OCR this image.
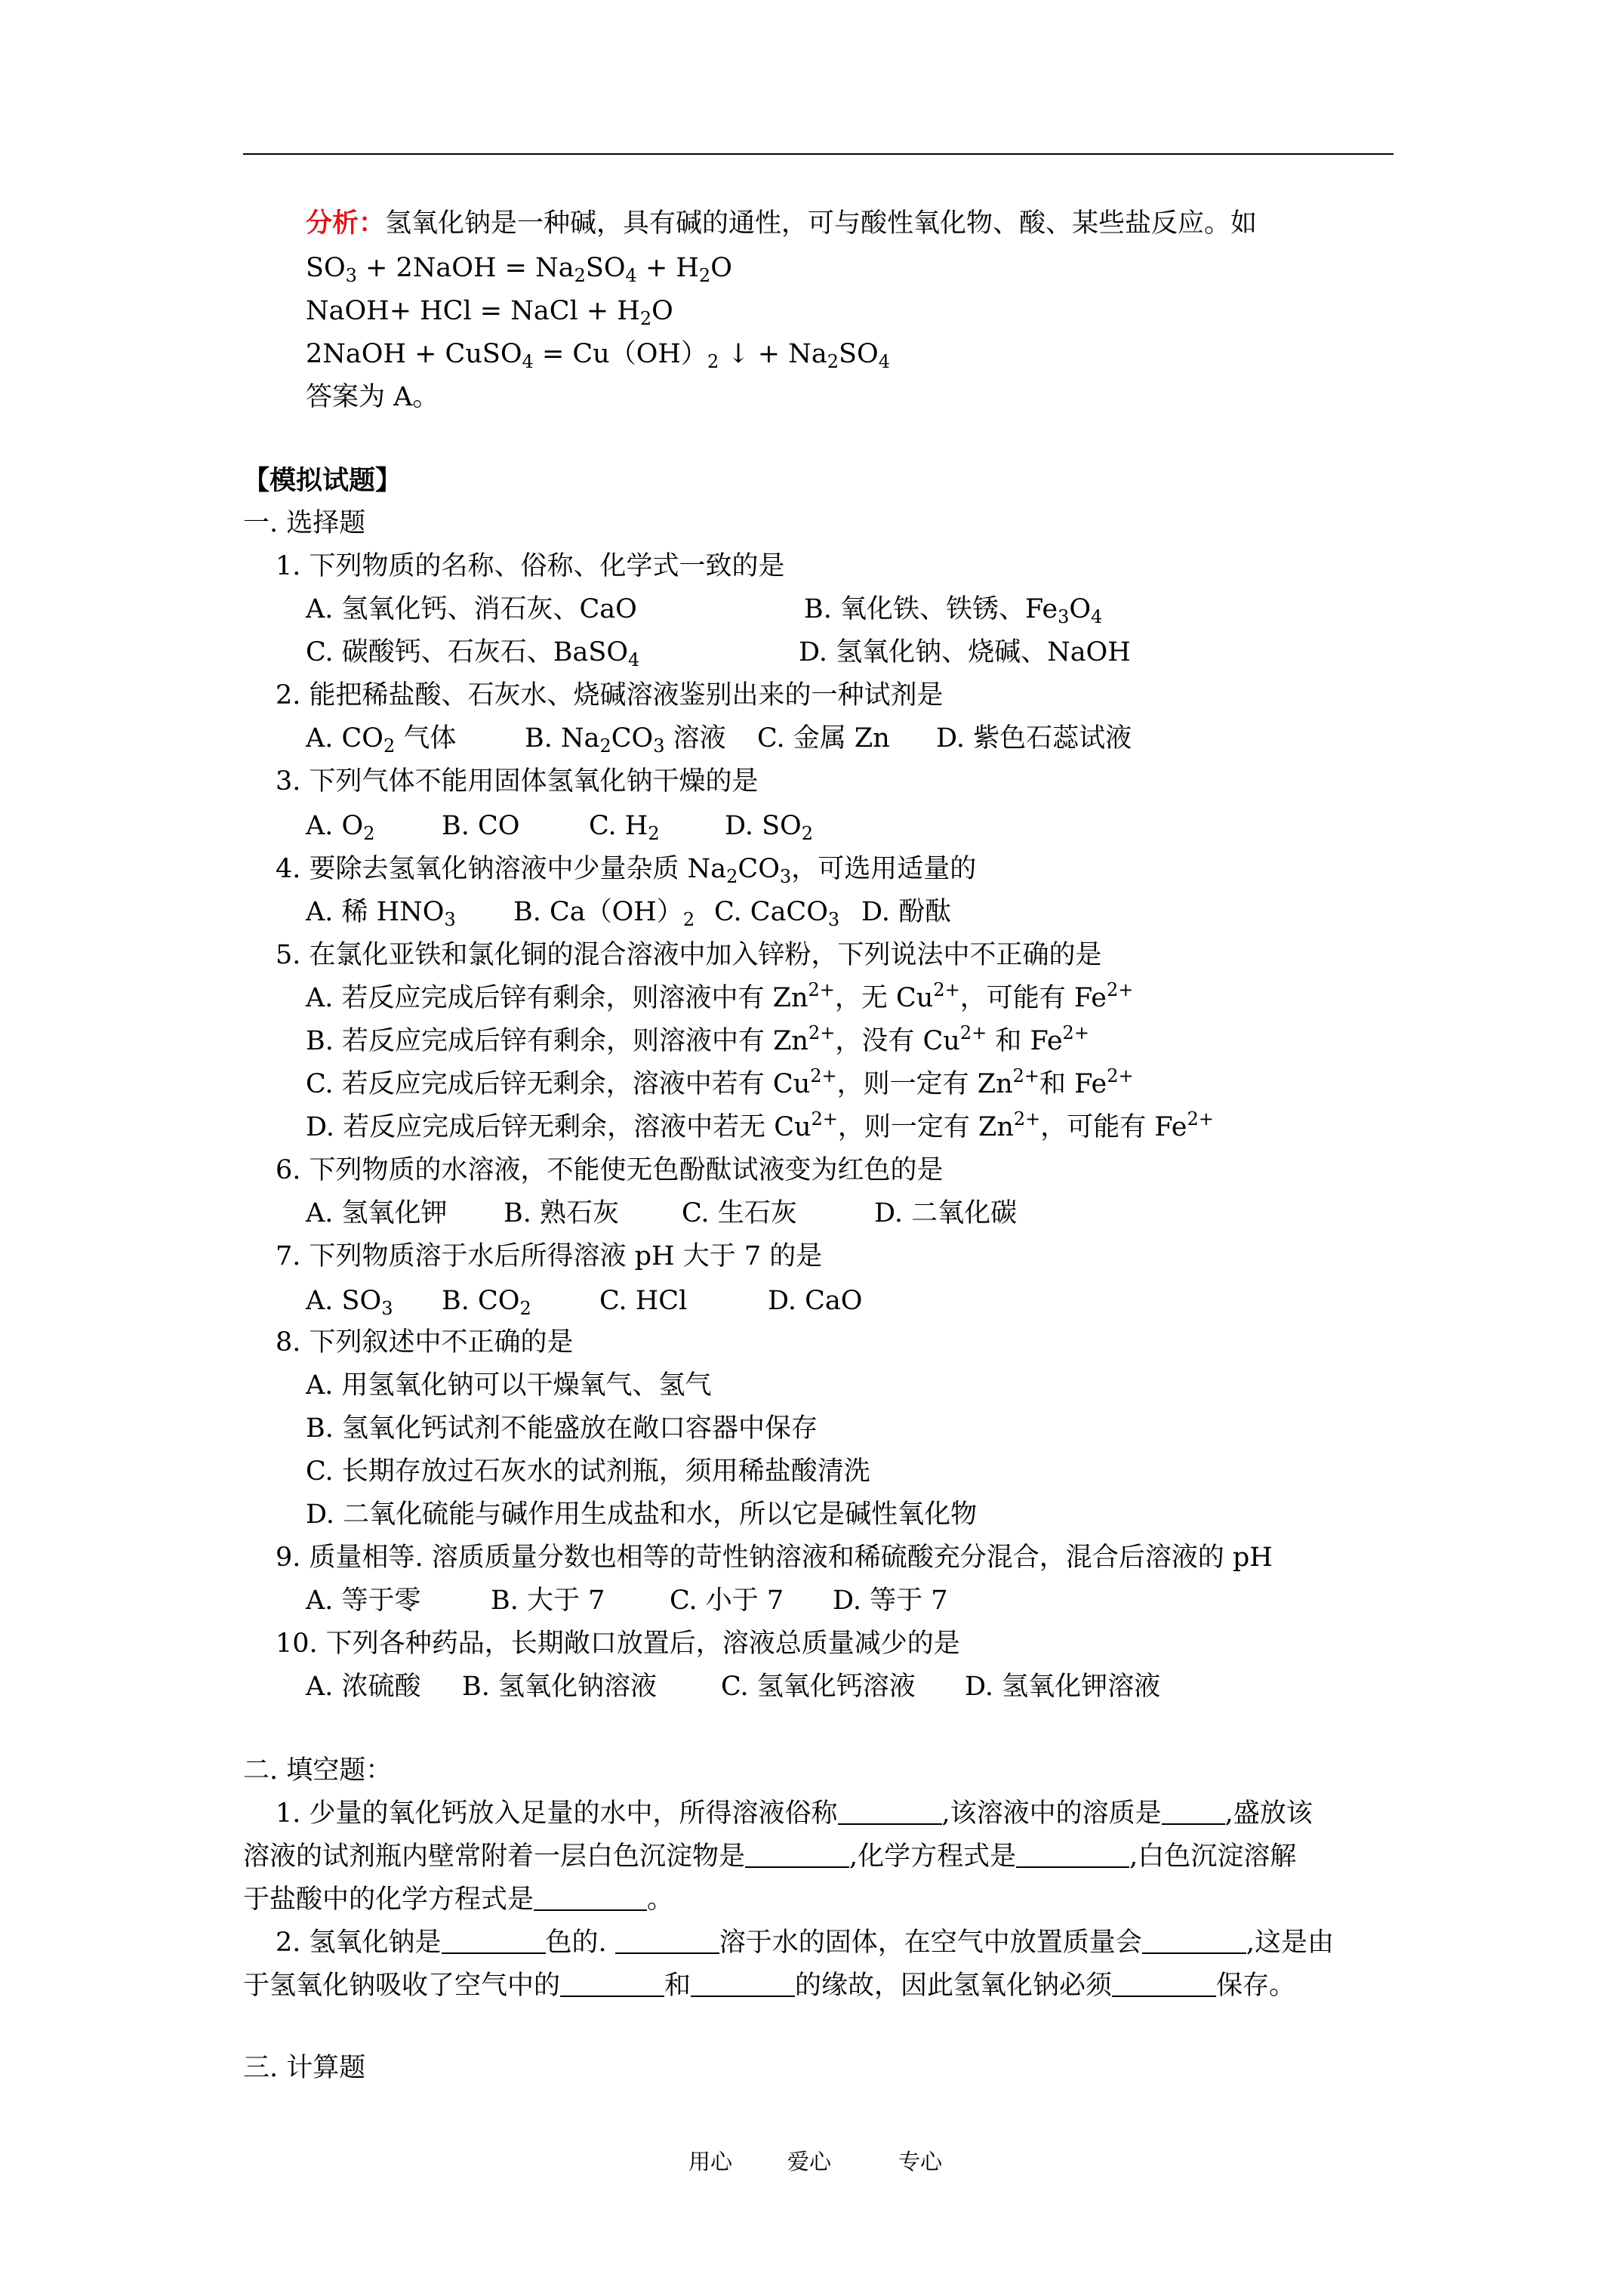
分析：氢氧化钠是一种碱，具有碱的通性，可与酸性氧化物、酸、某些盐反应。如
$SO_3$ + 2NaOH = $Na_2SO_4 + H_2O$
NaOH+ HCl = NaCl + $H_2O$
2NaOH + CuSO$_4$ = $Cu(OH)_2$ ↓ + $Na_2SO_4$
答案为 A。
【模拟试题】
一. 选择题
1. 下列物质的名称、俗称、化学式一致的是
A. 氢氧化钙、消石灰、CaO	B. 氧化铁、铁锈、$Fe_3O_4$
C. 碳酸钙、石灰石、BaSO$_4$	D. 氢氧化钠、烧碱、NaOH
2. 能把稀盐酸、石灰水、烧碱溶液鉴别出来的一种试剂是
A. $CO_2$ 气体	B. $Na_2CO_3$ 溶液 C. 金属 Zn D. 紫色石蕊试液
3. 下列气体不能用固体氢氧化钠干燥的是
A. $O_2$	B. CO	C. $H_2$ D. $SO_2$
4. 要除去氢氧化钠溶液中少量杂质 $Na_2CO_3$，可选用适量的
A. 稀 $HNO_3$ B. $Ca(OH)_2$ C. CaCO$_3$ D. 酚酞
5. 在氯化亚铁和氯化铜的混合溶液中加入锌粉，下列说法中不正确的是
A. 若反应完成后锌有剩余，则溶液中有 $Zn^{2+}$，无 $Cu^{2+}$，可能有 $Fe^{2+}$
B. 若反应完成后锌有剩余，则溶液中有 $Zn^{2+}$，没有 $Cu^{2+}$ 和 $Fe^{2+}$
C. 若反应完成后锌无剩余，溶液中若有 $Cu^{2+}$，则一定有 $Zn^{2+}$和 $Fe^{2+}$
D. 若反应完成后锌无剩余，溶液中若无 $Cu^{2+}$，则一定有 $Zn^{2+}$，可能有 $Fe^{2+}$
6. 下列物质的水溶液，不能使无色酚酞试液变为红色的是
A. 氢氧化钾 B. 熟石灰 C. 生石灰	D. 二氧化碳
7. 下列物质溶于水后所得溶液 pH 大于 7 的是
A. $SO_3$ B. $CO_2$	C. HCl	D. CaO
8. 下列叙述中不正确的是
A. 用氢氧化钠可以干燥氧气、氢气
B. 氢氧化钙试剂不能盛放在敞口容器中保存
C. 长期存放过石灰水的试剂瓶，须用稀盐酸清洗
D. 二氧化硫能与碱作用生成盐和水，所以它是碱性氧化物
9. 质量相等. 溶质质量分数也相等的苛性钠溶液和稀硫酸充分混合，混合后溶液的 pH
A. 等于零	B. 大于 7 C. 小于 7 D. 等于 7
10. 下列各种药品，长期敞口放置后，溶液总质量减少的是
A. 浓硫酸 B. 氢氧化钠溶液 C. 氢氧化钙溶液 D. 氢氧化钾溶液
二. 填空题：
1. 少量的氧化钙放入足量的水中，所得溶液俗称	,该溶液中的溶质是 ,盛放该
溶液的试剂瓶内壁常附着一层白色沉淀物是	,化学方程式是	,白色沉淀溶解
于盐酸中的化学方程式是	。
2. 氢氧化钠是	色的.	溶于水的固体，在空气中放置质量会	,这是由
于氢氧化钠吸收了空气中的	和	的缘故，因此氢氧化钠必须	保存。
三. 计算题
用心	爱心	专心
